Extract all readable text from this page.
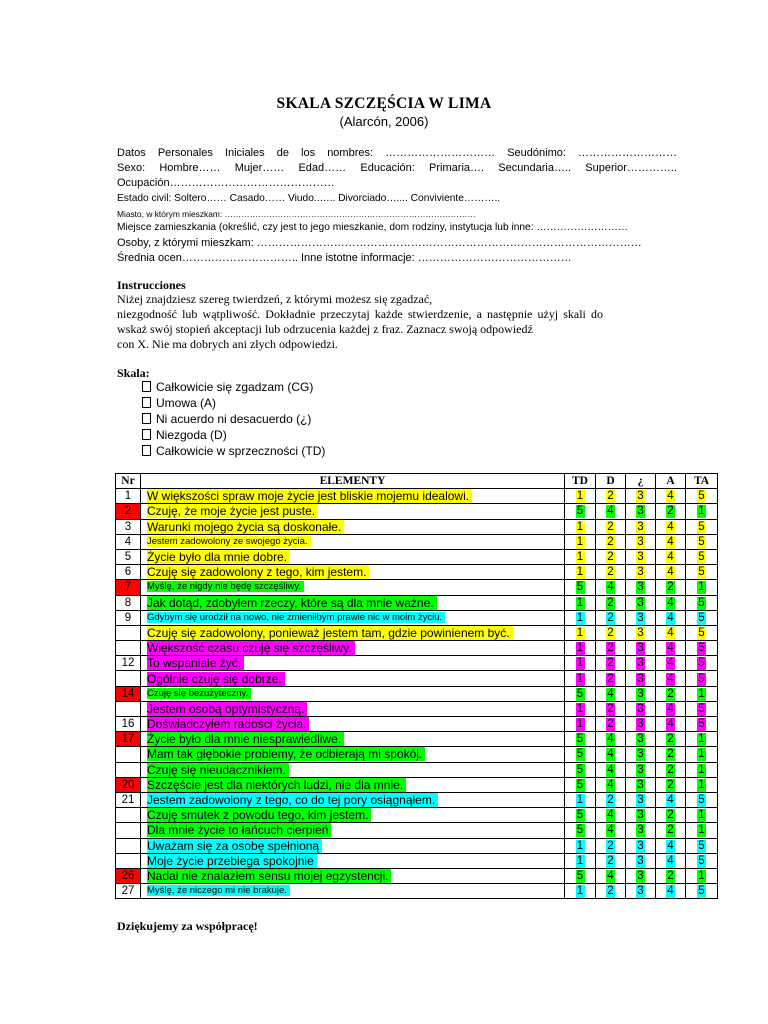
SKALA SZCZĘŚCIA W LIMA
(Alarcón, 2006)
Datos Personales Iniciales de los nombres: ………………………… Seudónimo: ………………………
Sexo: Hombre…… Mujer…… Edad…… Educación: Primaria…. Secundaria….. Superior…………..
Ocupación………………………………………
Estado civil: Soltero…… Casado…… Viudo..….. Divorciado….... Conviviente………..
Miasto, w którym mieszkam: ………………………………………………………………………………
Miejsce zamieszkania (określić, czy jest to jego mieszkanie, dom rodziny, instytucja lub inne: ………………………
Osoby, z którymi mieszkam: ……………………………………………………………………………………………
Średnia ocen………………………….. Inne istotne informacje: ……………………………………
Instrucciones
Niżej znajdziesz szereg twierdzeń, z którymi możesz się zgadzać,
niezgodność lub wątpliwość. Dokładnie przeczytaj każde stwierdzenie, a następnie użyj skali do
wskaż swój stopień akceptacji lub odrzucenia każdej z fraz. Zaznacz swoją odpowiedź
con X. Nie ma dobrych ani złych odpowiedzi.
Skala:
Całkowicie się zgadzam (CG)
Umowa (A)
Ni acuerdo ni desacuerdo (¿)
Niezgoda (D)
Całkowicie w sprzeczności (TD)
Nr	ELEMENTY	TD	D	¿	A	TA
1	W większości spraw moje życie jest bliskie mojemu idealowi.	1	2	3	4	5
2	Czuję, że moje życie jest puste.	5	4	3	2	1
3	Warunki mojego życia są doskonałe.	1	2	3	4	5
4	Jestem zadowolony ze swojego życia.	1	2	3	4	5
5	Życie było dla mnie dobre.	1	2	3	4	5
6	Czuję się zadowolony z tego, kim jestem.	1	2	3	4	5
7	Myślę, że nigdy nie będę szczęśliwy.	5	4	3	2	1
8	Jak dotąd, zdobyłem rzeczy, które są dla mnie ważne.	1	2	3	4	5
9	Gdybym się urodził na nowo, nie zmieniłbym prawie nic w moim życiu.	1	2	3	4	5
	Czuję się zadowolony, ponieważ jestem tam, gdzie powinienem być.	1	2	3	4	5
	Większość czasu czuję się szczęśliwy.	1	2	3	4	5
12	To wspaniale żyć.	1	2	3	4	5
	Ogólnie czuję się dobrze.	1	2	3	4	5
14	Czuję się bezużyteczny.	5	4	3	2	1
	Jestem osobą optymistyczną.	1	2	3	4	5
16	Doświadczyłem radości życia.	1	2	3	4	5
17	Życie było dla mnie niesprawiedliwe.	5	4	3	2	1
	Mam tak głębokie problemy, że odbierają mi spokój.	5	4	3	2	1
	Czuję się nieudacznikiem.	5	4	3	2	1
20	Szczęście jest dla niektórych ludzi, nie dla mnie.	5	4	3	2	1
21	Jestem zadowolony z tego, co do tej pory osiągnąłem.	1	2	3	4	5
	Czuję smutek z powodu tego, kim jestem.	5	4	3	2	1
	Dla mnie życie to łańcuch cierpień	5	4	3	2	1
	Uważam się za osobę spełnioną	1	2	3	4	5
	Moje życie przebiega spokojnie	1	2	3	4	5
26	Nadal nie znalazłem sensu mojej egzystencji.	5	4	3	2	1
27	Myślę, że niczego mi nie brakuje.	1	2	3	4	5
Dziękujemy za współpracę!
